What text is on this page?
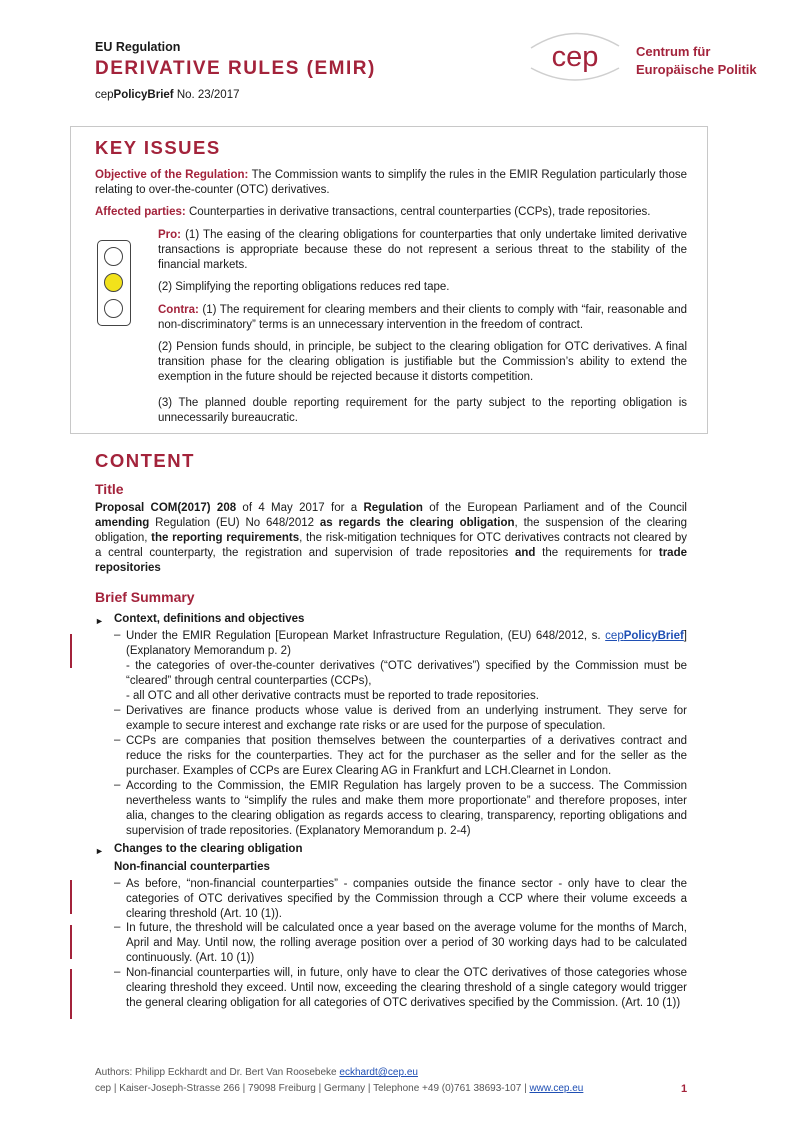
EU Regulation
DERIVATIVE RULES (EMIR)
cepPolicyBrief No. 23/2017
cep	Centrum für
Europäische Politik
KEY ISSUES
Objective of the Regulation: The Commission wants to simplify the rules in the EMIR Regulation particularly those relating to over-the-counter (OTC) derivatives.
Affected parties: Counterparties in derivative transactions, central counterparties (CCPs), trade repositories.
Pro: (1) The easing of the clearing obligations for counterparties that only undertake limited derivative transactions is appropriate because these do not represent a serious threat to the stability of the financial markets.
(2) Simplifying the reporting obligations reduces red tape.
Contra: (1) The requirement for clearing members and their clients to comply with “fair, reasonable and non-discriminatory” terms is an unnecessary intervention in the freedom of contract.
(2) Pension funds should, in principle, be subject to the clearing obligation for OTC derivatives. A final transition phase for the clearing obligation is justifiable but the Commission’s ability to extend the exemption in the future should be rejected because it distorts competition.
(3) The planned double reporting requirement for the party subject to the reporting obligation is unnecessarily bureaucratic.
CONTENT
Title
Proposal COM(2017) 208 of 4 May 2017 for a Regulation of the European Parliament and of the Council amending Regulation (EU) No 648/2012 as regards the clearing obligation, the suspension of the clearing obligation, the reporting requirements, the risk-mitigation techniques for OTC derivatives contracts not cleared by a central counterparty, the registration and supervision of trade repositories and the requirements for trade repositories
Brief Summary
► Context, definitions and objectives
– Under the EMIR Regulation [European Market Infrastructure Regulation, (EU) 648/2012, s. cepPolicyBrief] (Explanatory Memorandum p. 2)
- the categories of over-the-counter derivatives (“OTC derivatives”) specified by the Commission must be “cleared” through central counterparties (CCPs),
- all OTC and all other derivative contracts must be reported to trade repositories.
– Derivatives are finance products whose value is derived from an underlying instrument. They serve for example to secure interest and exchange rate risks or are used for the purpose of speculation.
– CCPs are companies that position themselves between the counterparties of a derivatives contract and reduce the risks for the counterparties. They act for the purchaser as the seller and for the seller as the purchaser. Examples of CCPs are Eurex Clearing AG in Frankfurt and LCH.Clearnet in London.
– According to the Commission, the EMIR Regulation has largely proven to be a success. The Commission nevertheless wants to “simplify the rules and make them more proportionate” and therefore proposes, inter alia, changes to the clearing obligation as regards access to clearing, transparency, reporting obligations and supervision of trade repositories. (Explanatory Memorandum p. 2-4)
► Changes to the clearing obligation
Non-financial counterparties
– As before, “non-financial counterparties” - companies outside the finance sector - only have to clear the categories of OTC derivatives specified by the Commission through a CCP where their volume exceeds a clearing threshold (Art. 10 (1)).
– In future, the threshold will be calculated once a year based on the average volume for the months of March, April and May. Until now, the rolling average position over a period of 30 working days had to be calculated continuously. (Art. 10 (1))
– Non-financial counterparties will, in future, only have to clear the OTC derivatives of those categories whose clearing threshold they exceed. Until now, exceeding the clearing threshold of a single category would trigger the general clearing obligation for all categories of OTC derivatives specified by the Commission. (Art. 10 (1))
Authors: Philipp Eckhardt and Dr. Bert Van Roosebeke eckhardt@cep.eu
cep | Kaiser-Joseph-Strasse 266 | 79098 Freiburg | Germany | Telephone +49 (0)761 38693-107 | www.cep.eu	1
